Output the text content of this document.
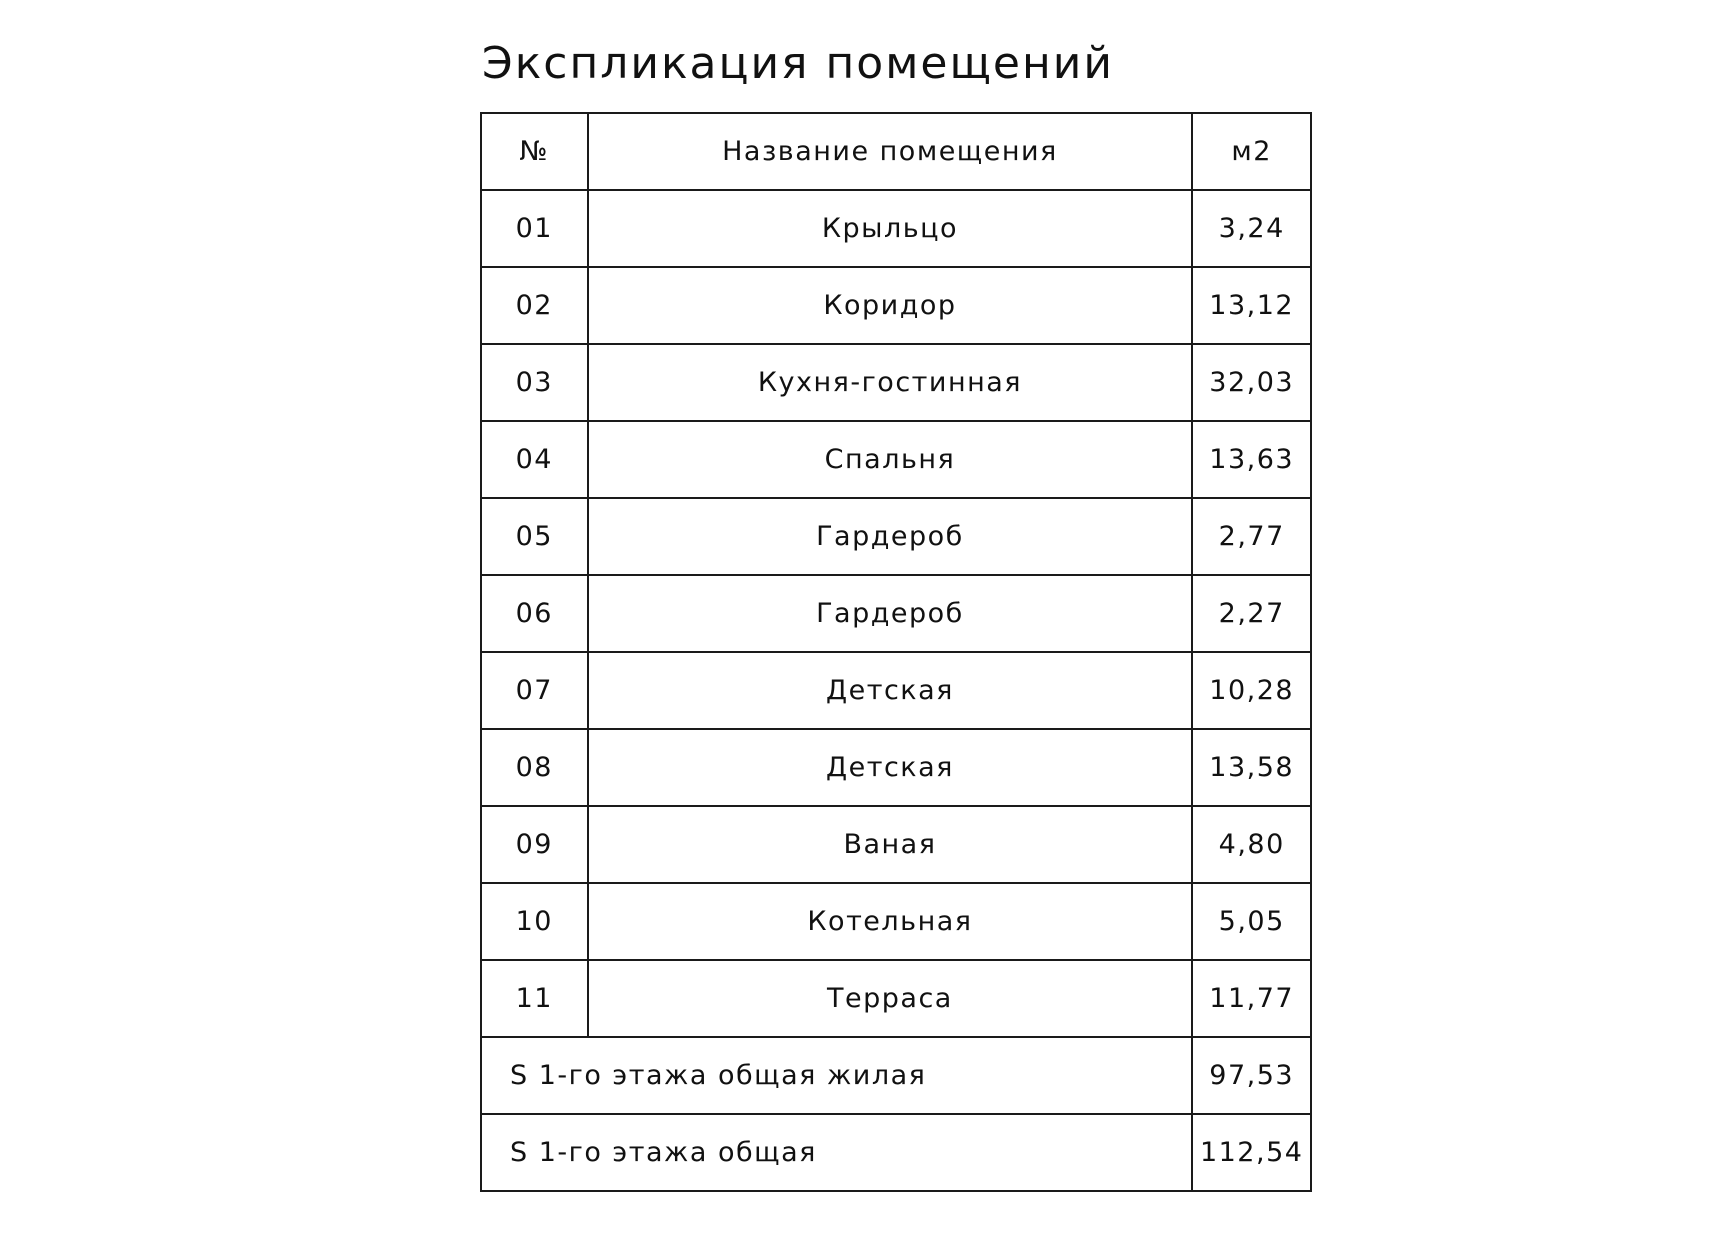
Экспликация помещений
№	Название помещения	м2
01	Крыльцо	3,24
02	Коридор	13,12
03	Кухня-гостинная	32,03
04	Спальня	13,63
05	Гардероб	2,77
06	Гардероб	2,27
07	Детская	10,28
08	Детская	13,58
09	Ваная	4,80
10	Котельная	5,05
11	Терраса	11,77
S 1-го этажа общая жилая		97,53
S 1-го этажа общая		112,54
